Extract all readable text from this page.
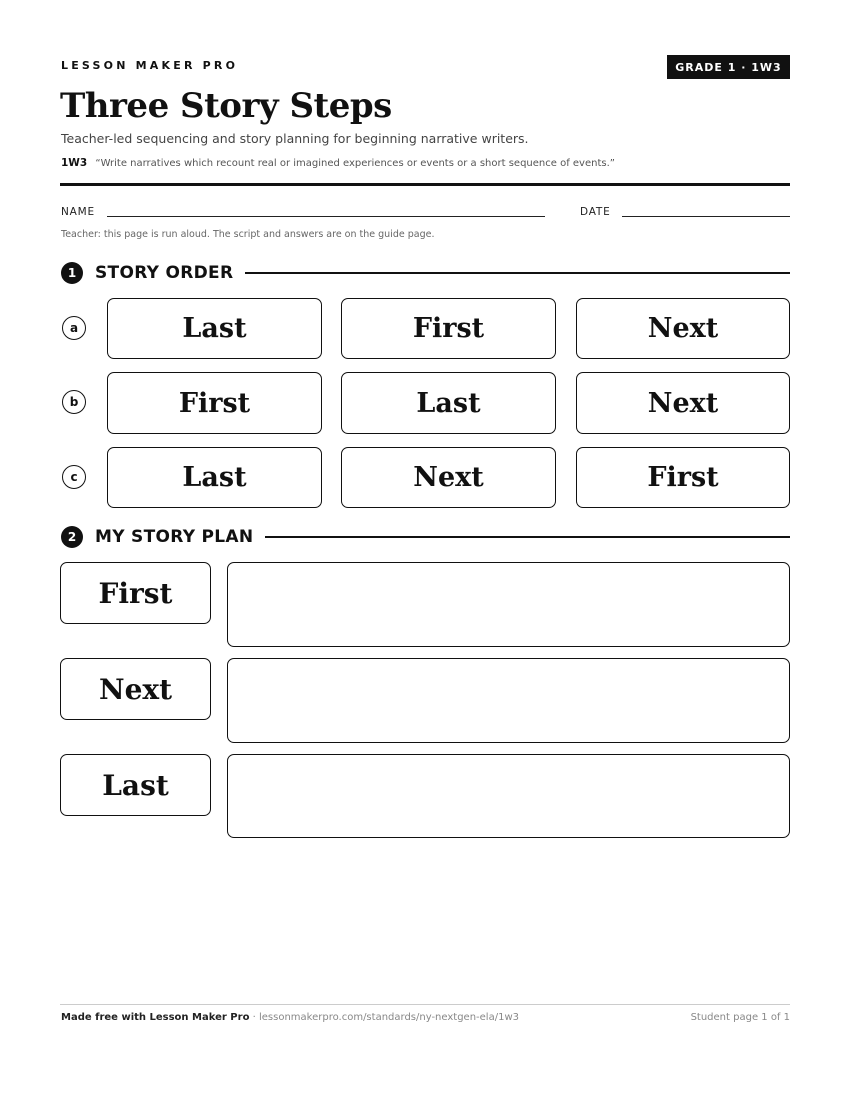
LESSON MAKER PRO	GRADE 1 · 1W3
Three Story Steps
Teacher-led sequencing and story planning for beginning narrative writers.
1W3 “Write narratives which recount real or imagined experiences or events or a short sequence of events.”
NAME	DATE
Teacher: this page is run aloud. The script and answers are on the guide page.
1	STORY ORDER
a	Last	First	Next
b	First	Last	Next
c	Last	Next	First
2	MY STORY PLAN
First
Next
Last
Made free with Lesson Maker Pro · lessonmakerpro.com/standards/ny-nextgen-ela/1w3	Student page 1 of 1
